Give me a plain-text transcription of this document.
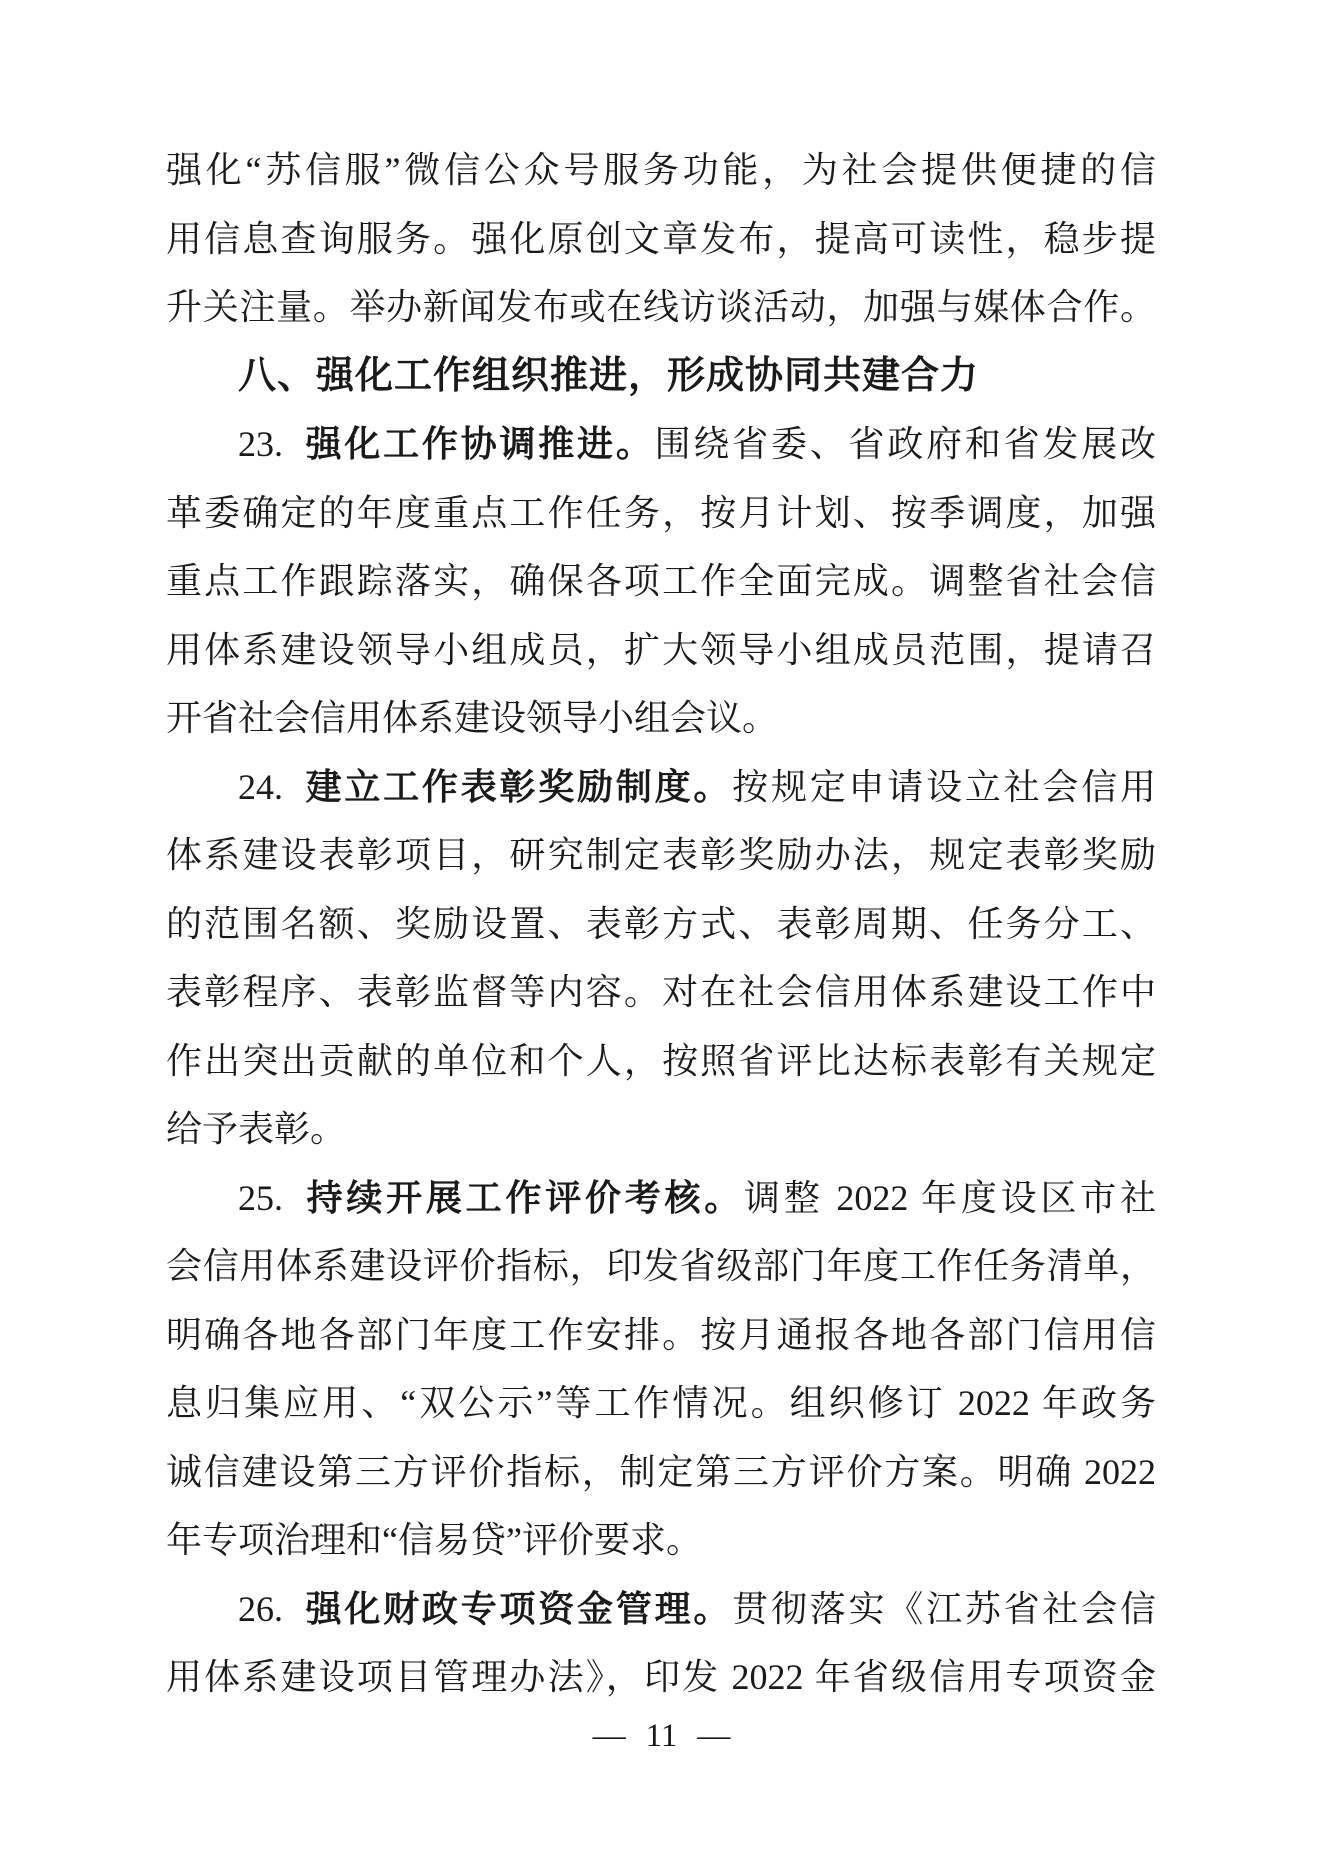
强化“苏信服”微信公众号服务功能，为社会提供便捷的信
用信息查询服务。强化原创文章发布，提高可读性，稳步提
升关注量。举办新闻发布或在线访谈活动，加强与媒体合作。
八、强化工作组织推进，形成协同共建合力
23. 强化工作协调推进。围绕省委、省政府和省发展改
革委确定的年度重点工作任务，按月计划、按季调度，加强
重点工作跟踪落实，确保各项工作全面完成。调整省社会信
用体系建设领导小组成员，扩大领导小组成员范围，提请召
开省社会信用体系建设领导小组会议。
24. 建立工作表彰奖励制度。按规定申请设立社会信用
体系建设表彰项目，研究制定表彰奖励办法，规定表彰奖励
的范围名额、奖励设置、表彰方式、表彰周期、任务分工、
表彰程序、表彰监督等内容。对在社会信用体系建设工作中
作出突出贡献的单位和个人，按照省评比达标表彰有关规定
给予表彰。
25. 持续开展工作评价考核。调整 2022 年度设区市社
会信用体系建设评价指标，印发省级部门年度工作任务清单，
明确各地各部门年度工作安排。按月通报各地各部门信用信
息归集应用、“双公示”等工作情况。组织修订 2022 年政务
诚信建设第三方评价指标，制定第三方评价方案。明确 2022
年专项治理和“信易贷”评价要求。
26. 强化财政专项资金管理。贯彻落实《江苏省社会信
用体系建设项目管理办法》，印发 2022 年省级信用专项资金
— 11 —
